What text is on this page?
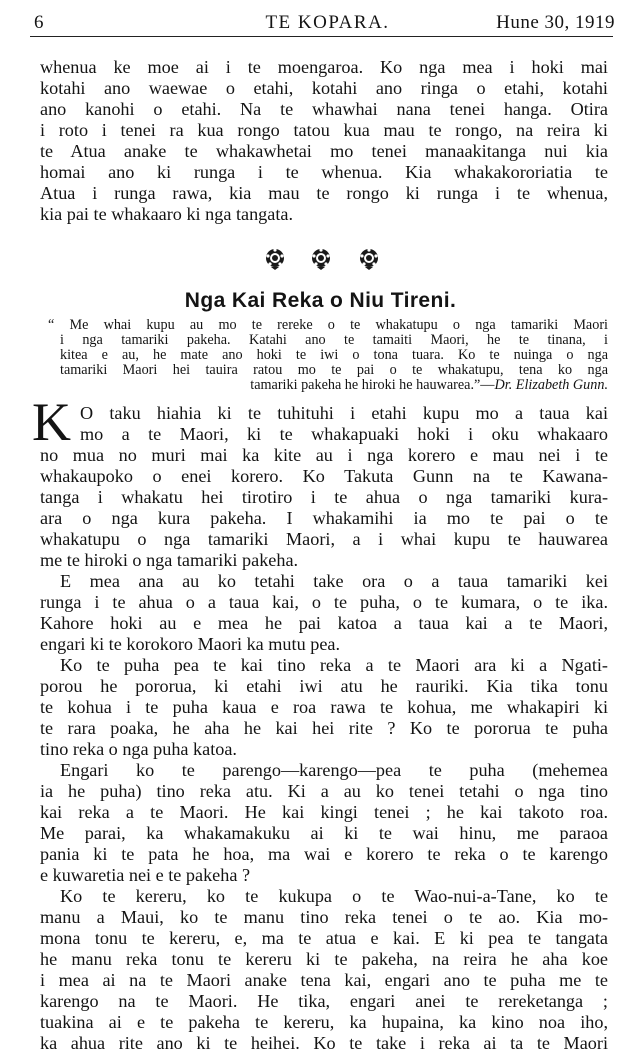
6	TE KOPARA.	Hune 30, 1919
whenua ke moe ai i te moengaroa. Ko nga mea i hoki mai
kotahi ano waewae o etahi, kotahi ano ringa o etahi, kotahi
ano kanohi o etahi. Na te whawhai nana tenei hanga. Otira
i roto i tenei ra kua rongo tatou kua mau te rongo, na reira ki
te Atua anake te whakawhetai mo tenei manaakitanga nui kia
homai ano ki runga i te whenua. Kia whakakororiatia te
Atua i runga rawa, kia mau te rongo ki runga i te whenua,
kia pai te whakaaro ki nga tangata.
Nga Kai Reka o Niu Tireni.
“ Me whai kupu au mo te rereke o te whakatupu o nga tamariki Maori
i nga tamariki pakeha. Katahi ano te tamaiti Maori, he te tinana, i
kitea e au, he mate ano hoki te iwi o tona tuara. Ko te nuinga o nga
tamariki Maori hei tauira ratou mo te pai o te whakatupu, tena ko nga
tamariki pakeha he hiroki he hauwarea.”—Dr. Elizabeth Gunn.
K O taku hiahia ki te tuhituhi i etahi kupu mo a taua kai
mo a te Maori, ki te whakapuaki hoki i oku whakaaro
no mua no muri mai ka kite au i nga korero e mau nei i te
whakaupoko o enei korero. Ko Takuta Gunn na te Kawana-
tanga i whakatu hei tirotiro i te ahua o nga tamariki kura-
ara o nga kura pakeha. I whakamihi ia mo te pai o te
whakatupu o nga tamariki Maori, a i whai kupu te hauwarea
me te hiroki o nga tamariki pakeha.
E mea ana au ko tetahi take ora o a taua tamariki kei
runga i te ahua o a taua kai, o te puha, o te kumara, o te ika.
Kahore hoki au e mea he pai katoa a taua kai a te Maori,
engari ki te korokoro Maori ka mutu pea.
Ko te puha pea te kai tino reka a te Maori ara ki a Ngati-
porou he pororua, ki etahi iwi atu he rauriki. Kia tika tonu
te kohua i te puha kaua e roa rawa te kohua, me whakapiri ki
te rara poaka, he aha he kai hei rite ? Ko te pororua te puha
tino reka o nga puha katoa.
Engari ko te parengo—karengo—pea te puha (mehemea
ia he puha) tino reka atu. Ki a au ko tenei tetahi o nga tino
kai reka a te Maori. He kai kingi tenei ; he kai takoto roa.
Me parai, ka whakamakuku ai ki te wai hinu, me paraoa
pania ki te pata he hoa, ma wai e korero te reka o te karengo
e kuwaretia nei e te pakeha ?
Ko te kereru, ko te kukupa o te Wao-nui-a-Tane, ko te
manu a Maui, ko te manu tino reka tenei o te ao. Kia mo-
mona tonu te kereru, e, ma te atua e kai. E ki pea te tangata
he manu reka tonu te kereru ki te pakeha, na reira he aha koe
i mea ai na te Maori anake tena kai, engari ano te puha me te
karengo na te Maori. He tika, engari anei te rereketanga ;
tuakina ai e te pakeha te kereru, ka hupaina, ka kino noa iho,
ka ahua rite ano ki te heihei. Ko te take i reka ai ta te Maori
